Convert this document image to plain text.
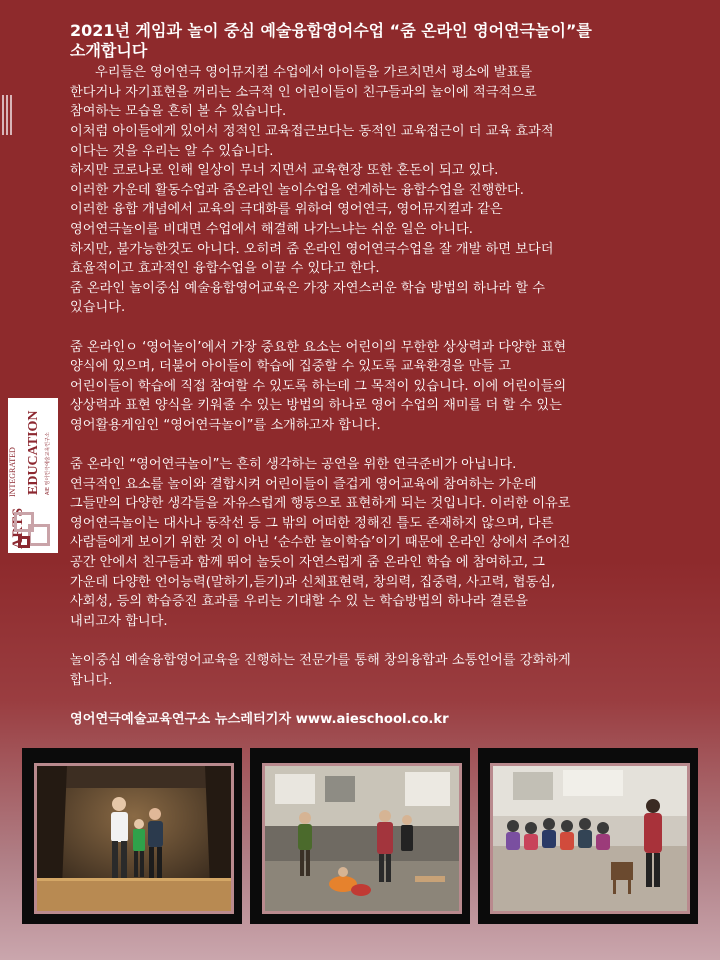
ARTS
INTEGRATED EDUCATION AIE 영어연극예술교육연구소
2021년 게임과 놀이 중심 예술융합영어수업 “줌 온라인 영어연극놀이”를
소개합니다
우리들은 영어연극 영어뮤지컬 수업에서 아이들을 가르치면서 평소에 발표를
한다거나 자기표현을 꺼리는 소극적 인 어린이들이 친구들과의 놀이에 적극적으로
참여하는 모습을 흔히 볼 수 있습니다.
이처럼 아이들에게 있어서 정적인 교육접근보다는 동적인 교육접근이 더 교육 효과적
이다는 것을 우리는 알 수 있습니다.
하지만 코로나로 인해 일상이 무너 지면서 교육현장 또한 혼돈이 되고 있다.
이러한 가운데 활동수업과 줌온라인 놀이수업을 연계하는 융합수업을 진행한다.
이러한 융합 개념에서 교육의 극대화를 위하여 영어연극, 영어뮤지컬과 같은
영어연극놀이를 비대면 수업에서 해결해 나가느냐는 쉬운 일은 아니다.
하지만, 불가능한것도 아니다. 오히려 줌 온라인 영어연극수업을 잘 개발 하면 보다더
효율적이고 효과적인 융합수업을 이끌 수 있다고 한다.
줌 온라인 놀이중심 예술융합영어교육은 가장 자연스러운 학습 방법의 하나라 할 수
있습니다.
줌 온라인ㅇ ‘영어놀이’에서 가장 중요한 요소는 어린이의 무한한 상상력과 다양한 표현
양식에 있으며, 더불어 아이들이 학습에 집중할 수 있도록 교육환경을 만들 고
어린이들이 학습에 직접 참여할 수 있도록 하는데 그 목적이 있습니다. 이에 어린이들의
상상력과 표현 양식을 키워줄 수 있는 방법의 하나로 영어 수업의 재미를 더 할 수 있는
영어활용게임인 “영어연극놀이”를 소개하고자 합니다.
줌 온라인 “영어연극놀이”는 흔히 생각하는 공연을 위한 연극준비가 아닙니다.
연극적인 요소를 놀이와 결합시켜 어린이들이 즐겁게 영어교육에 참여하는 가운데
그들만의 다양한 생각들을 자유스럽게 행동으로 표현하게 되는 것입니다. 이러한 이유로
영어연극놀이는 대사나 동작선 등 그 밖의 어떠한 정해진 틀도 존재하지 않으며, 다른
사람들에게 보이기 위한 것 이 아닌 ‘순수한 놀이학습’이기 때문에 온라인 상에서 주어진
공간 안에서 친구들과 함께 뛰어 놀듯이 자연스럽게 줌 온라인 학습 에 참여하고, 그
가운데 다양한 언어능력(말하기,듣기)과 신체표현력, 창의력, 집중력, 사고력, 협동심,
사회성, 등의 학습증진 효과를 우리는 기대할 수 있 는 학습방법의 하나라 결론을
내리고자 합니다.
놀이중심 예술융합영어교육을 진행하는 전문가를 통해 창의융합과 소통언어를 강화하게
합니다.
영어연극예술교육연구소 뉴스레터기자 www.aieschool.co.kr
